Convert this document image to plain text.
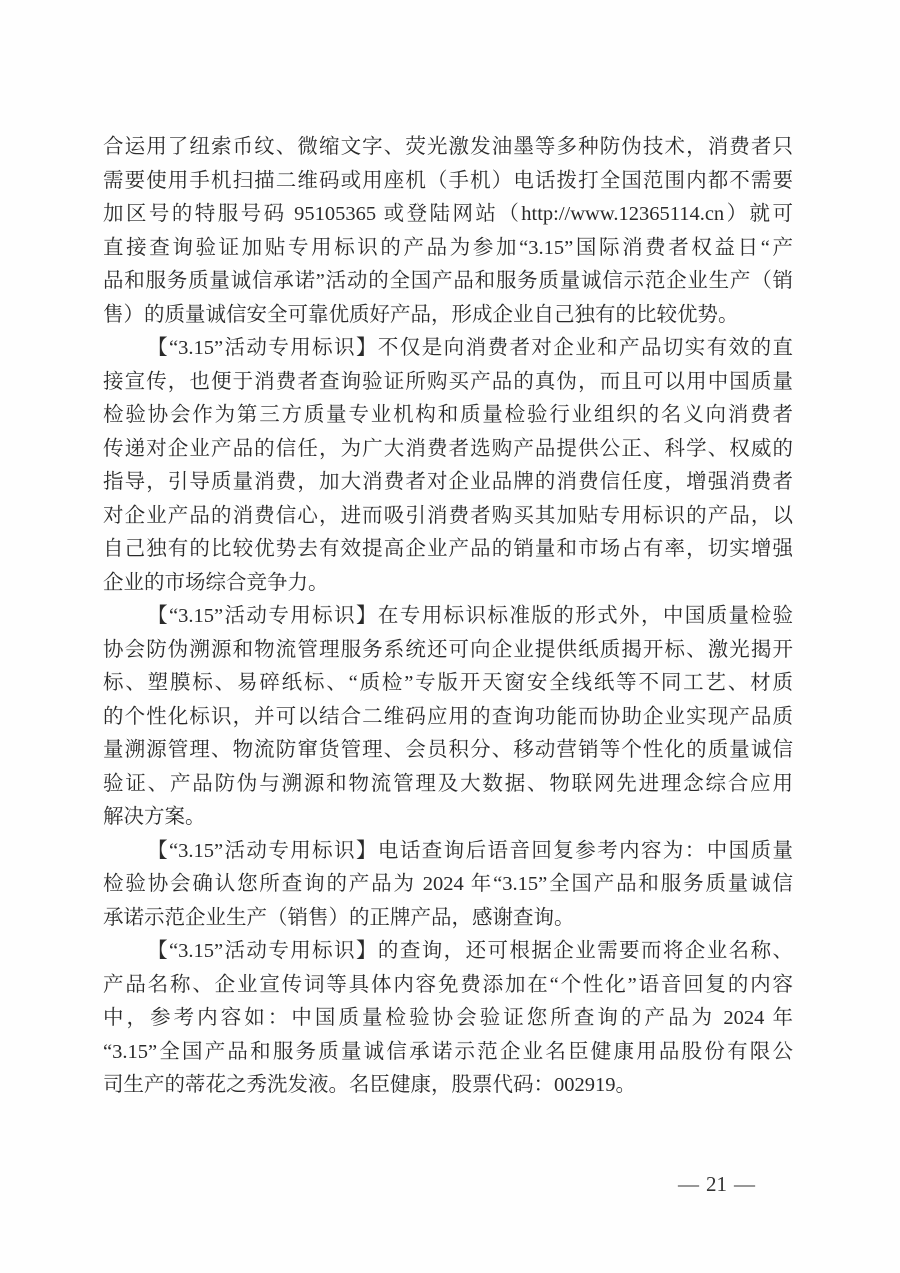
合运用了纽索币纹、微缩文字、荧光激发油墨等多种防伪技术，消费者只
需要使用手机扫描二维码或用座机（手机）电话拨打全国范围内都不需要
加区号的特服号码 95105365 或登陆网站（http://www.12365114.cn）就可
直接查询验证加贴专用标识的产品为参加“3.15”国际消费者权益日“产
品和服务质量诚信承诺”活动的全国产品和服务质量诚信示范企业生产（销
售）的质量诚信安全可靠优质好产品，形成企业自己独有的比较优势。

【“3.15”活动专用标识】不仅是向消费者对企业和产品切实有效的直
接宣传，也便于消费者查询验证所购买产品的真伪，而且可以用中国质量
检验协会作为第三方质量专业机构和质量检验行业组织的名义向消费者
传递对企业产品的信任，为广大消费者选购产品提供公正、科学、权威的
指导，引导质量消费，加大消费者对企业品牌的消费信任度，增强消费者
对企业产品的消费信心，进而吸引消费者购买其加贴专用标识的产品，以
自己独有的比较优势去有效提高企业产品的销量和市场占有率，切实增强
企业的市场综合竞争力。

【“3.15”活动专用标识】在专用标识标准版的形式外，中国质量检验
协会防伪溯源和物流管理服务系统还可向企业提供纸质揭开标、激光揭开
标、塑膜标、易碎纸标、“质检”专版开天窗安全线纸等不同工艺、材质
的个性化标识，并可以结合二维码应用的查询功能而协助企业实现产品质
量溯源管理、物流防窜货管理、会员积分、移动营销等个性化的质量诚信
验证、产品防伪与溯源和物流管理及大数据、物联网先进理念综合应用
解决方案。

【“3.15”活动专用标识】电话查询后语音回复参考内容为：中国质量
检验协会确认您所查询的产品为 2024 年“3.15”全国产品和服务质量诚信
承诺示范企业生产（销售）的正牌产品，感谢查询。

【“3.15”活动专用标识】的查询，还可根据企业需要而将企业名称、
产品名称、企业宣传词等具体内容免费添加在“个性化”语音回复的内容
中，参考内容如：中国质量检验协会验证您所查询的产品为 2024 年
“3.15”全国产品和服务质量诚信承诺示范企业名臣健康用品股份有限公
司生产的蒂花之秀洗发液。名臣健康，股票代码：002919。

— 21 —
